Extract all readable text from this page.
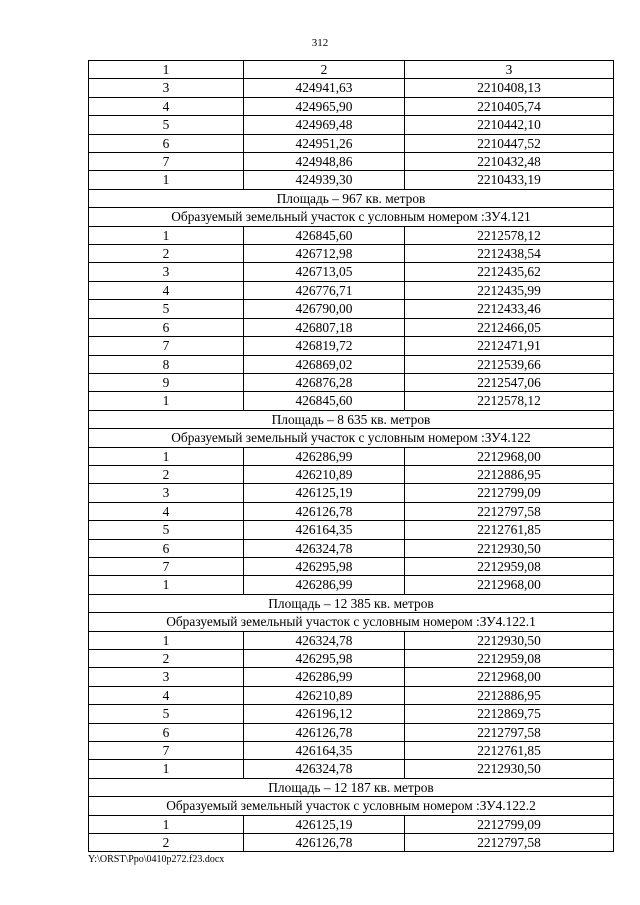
312
1	2	3
3	424941,63	2210408,13
4	424965,90	2210405,74
5	424969,48	2210442,10
6	424951,26	2210447,52
7	424948,86	2210432,48
1	424939,30	2210433,19
Площадь – 967 кв. метров		
Образуемый земельный участок с условным номером :ЗУ4.121		
1	426845,60	2212578,12
2	426712,98	2212438,54
3	426713,05	2212435,62
4	426776,71	2212435,99
5	426790,00	2212433,46
6	426807,18	2212466,05
7	426819,72	2212471,91
8	426869,02	2212539,66
9	426876,28	2212547,06
1	426845,60	2212578,12
Площадь – 8 635 кв. метров		
Образуемый земельный участок с условным номером :ЗУ4.122		
1	426286,99	2212968,00
2	426210,89	2212886,95
3	426125,19	2212799,09
4	426126,78	2212797,58
5	426164,35	2212761,85
6	426324,78	2212930,50
7	426295,98	2212959,08
1	426286,99	2212968,00
Площадь – 12 385 кв. метров		
Образуемый земельный участок с условным номером :ЗУ4.122.1		
1	426324,78	2212930,50
2	426295,98	2212959,08
3	426286,99	2212968,00
4	426210,89	2212886,95
5	426196,12	2212869,75
6	426126,78	2212797,58
7	426164,35	2212761,85
1	426324,78	2212930,50
Площадь – 12 187 кв. метров		
Образуемый земельный участок с условным номером :ЗУ4.122.2		
1	426125,19	2212799,09
2	426126,78	2212797,58
Y:\ORST\Ppo\0410p272.f23.docx
